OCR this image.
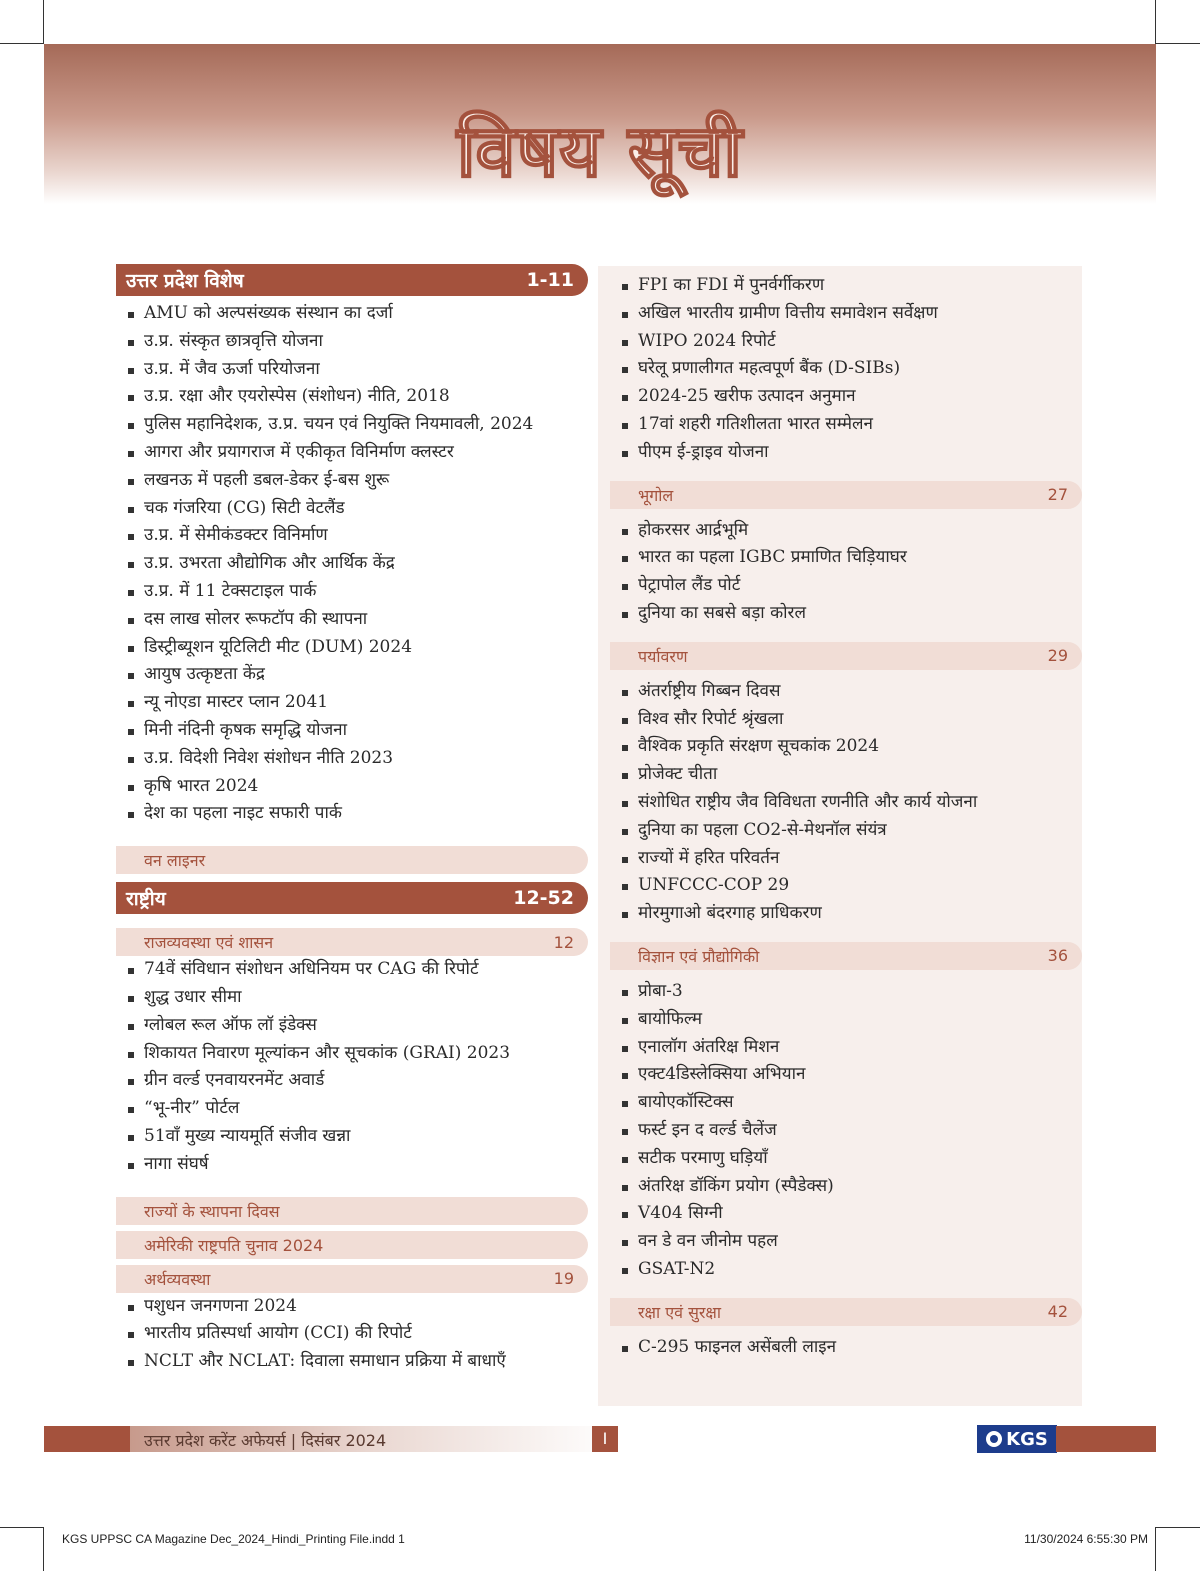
विषय सूची
उत्तर प्रदेश विशेष	1-11
AMU को अल्पसंख्यक संस्थान का दर्जा
उ.प्र. संस्कृत छात्रवृत्ति योजना
उ.प्र. में जैव ऊर्जा परियोजना
उ.प्र. रक्षा और एयरोस्पेस (संशोधन) नीति, 2018
पुलिस महानिदेशक, उ.प्र. चयन एवं नियुक्ति नियमावली, 2024
आगरा और प्रयागराज में एकीकृत विनिर्माण क्लस्टर
लखनऊ में पहली डबल-डेकर ई-बस शुरू
चक गंजरिया (CG) सिटी वेटलैंड
उ.प्र. में सेमीकंडक्टर विनिर्माण
उ.प्र. उभरता औद्योगिक और आर्थिक केंद्र
उ.प्र. में 11 टेक्सटाइल पार्क
दस लाख सोलर रूफटॉप की स्थापना
डिस्ट्रीब्यूशन यूटिलिटी मीट (DUM) 2024
आयुष उत्कृष्टता केंद्र
न्यू नोएडा मास्टर प्लान 2041
मिनी नंदिनी कृषक समृद्धि योजना
उ.प्र. विदेशी निवेश संशोधन नीति 2023
कृषि भारत 2024
देश का पहला नाइट सफारी पार्क
वन लाइनर
राष्ट्रीय	12-52
राजव्यवस्था एवं शासन	12
74वें संविधान संशोधन अधिनियम पर CAG की रिपोर्ट
शुद्ध उधार सीमा
ग्लोबल रूल ऑफ लॉ इंडेक्स
शिकायत निवारण मूल्यांकन और सूचकांक (GRAI) 2023
ग्रीन वर्ल्ड एनवायरनमेंट अवार्ड
“भू-नीर” पोर्टल
51वाँ मुख्य न्यायमूर्ति संजीव खन्ना
नागा संघर्ष
राज्यों के स्थापना दिवस
अमेरिकी राष्ट्रपति चुनाव 2024
अर्थव्यवस्था	19
पशुधन जनगणना 2024
भारतीय प्रतिस्पर्धा आयोग (CCI) की रिपोर्ट
NCLT और NCLAT: दिवाला समाधान प्रक्रिया में बाधाएँ
FPI का FDI में पुनर्वर्गीकरण
अखिल भारतीय ग्रामीण वित्तीय समावेशन सर्वेक्षण
WIPO 2024 रिपोर्ट
घरेलू प्रणालीगत महत्वपूर्ण बैंक (D-SIBs)
2024-25 खरीफ उत्पादन अनुमान
17वां शहरी गतिशीलता भारत सम्मेलन
पीएम ई-ड्राइव योजना
भूगोल	27
होकरसर आर्द्रभूमि
भारत का पहला IGBC प्रमाणित चिड़ियाघर
पेट्रापोल लैंड पोर्ट
दुनिया का सबसे बड़ा कोरल
पर्यावरण	29
अंतर्राष्ट्रीय गिब्बन दिवस
विश्व सौर रिपोर्ट श्रृंखला
वैश्विक प्रकृति संरक्षण सूचकांक 2024
प्रोजेक्ट चीता
संशोधित राष्ट्रीय जैव विविधता रणनीति और कार्य योजना
दुनिया का पहला CO2-से-मेथनॉल संयंत्र
राज्यों में हरित परिवर्तन
UNFCCC-COP 29
मोरमुगाओ बंदरगाह प्राधिकरण
विज्ञान एवं प्रौद्योगिकी	36
प्रोबा-3
बायोफिल्म
एनालॉग अंतरिक्ष मिशन
एक्ट4डिस्लेक्सिया अभियान
बायोएकॉस्टिक्स
फर्स्ट इन द वर्ल्ड चैलेंज
सटीक परमाणु घड़ियाँ
अंतरिक्ष डॉकिंग प्रयोग (स्पैडेक्स)
V404 सिग्नी
वन डे वन जीनोम पहल
GSAT-N2
रक्षा एवं सुरक्षा	42
C-295 फाइनल असेंबली लाइन
उत्तर प्रदेश करेंट अफेयर्स | दिसंबर 2024	I	KGS
KGS UPPSC CA Magazine Dec_2024_Hindi_Printing File.indd 1	11/30/2024 6:55:30 PM
